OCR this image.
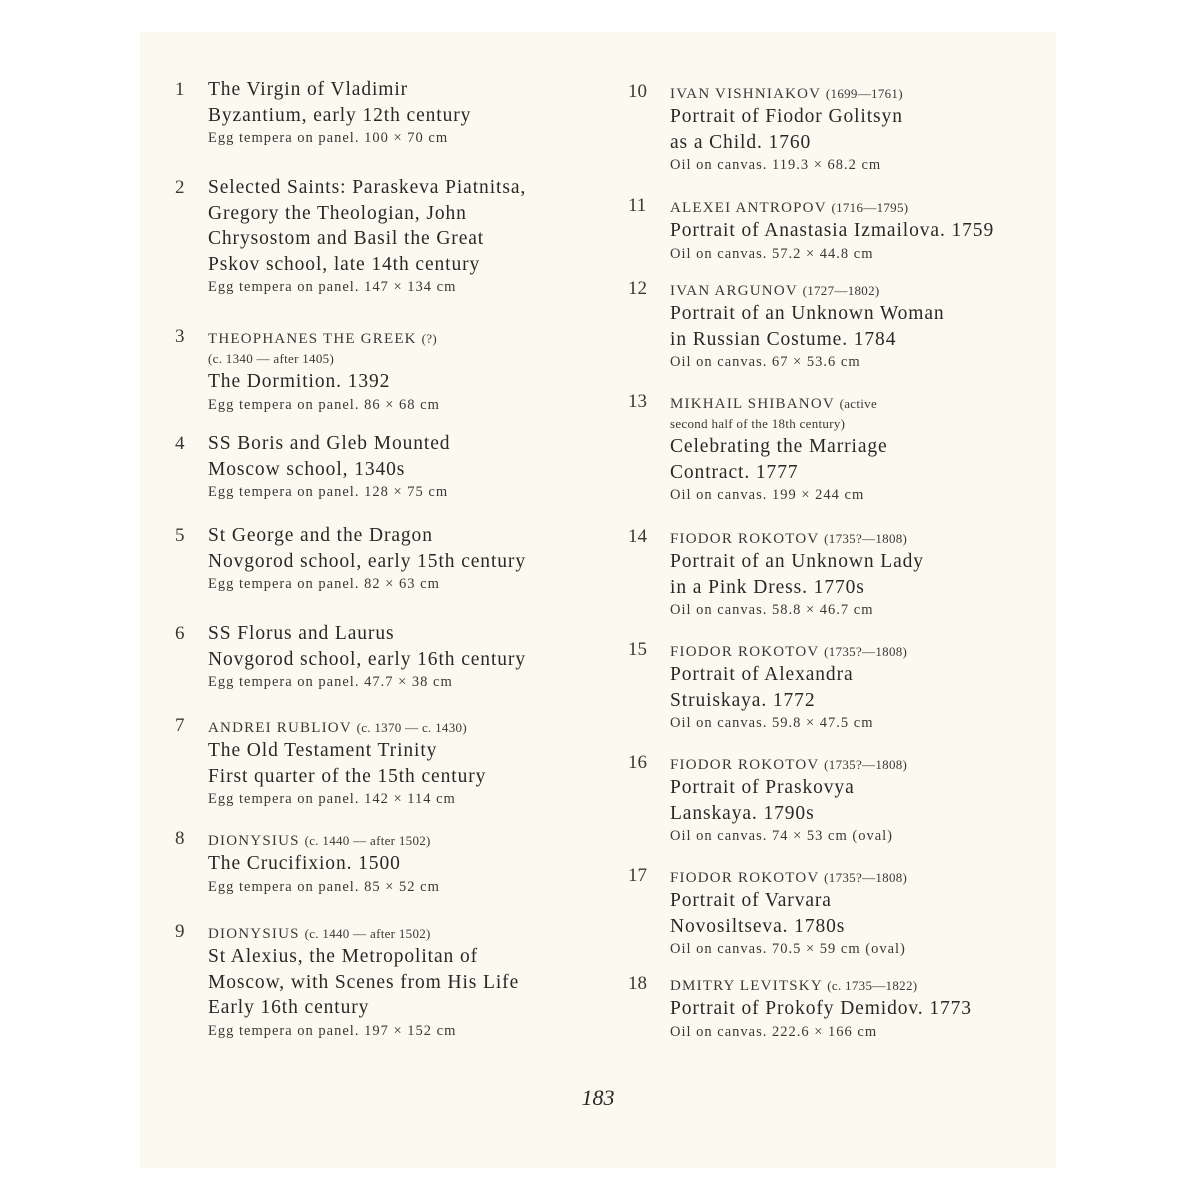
1 The Virgin of Vladimir
Byzantium, early 12th century
Egg tempera on panel. 100 × 70 cm
2 Selected Saints: Paraskeva Piatnitsa,
Gregory the Theologian, John
Chrysostom and Basil the Great
Pskov school, late 14th century
Egg tempera on panel. 147 × 134 cm
3 THEOPHANES THE GREEK (?)
(c. 1340 — after 1405)
The Dormition. 1392
Egg tempera on panel. 86 × 68 cm
4 SS Boris and Gleb Mounted
Moscow school, 1340s
Egg tempera on panel. 128 × 75 cm
5 St George and the Dragon
Novgorod school, early 15th century
Egg tempera on panel. 82 × 63 cm
6 SS Florus and Laurus
Novgorod school, early 16th century
Egg tempera on panel. 47.7 × 38 cm
7 ANDREI RUBLIOV (c. 1370 — c. 1430)
The Old Testament Trinity
First quarter of the 15th century
Egg tempera on panel. 142 × 114 cm
8 DIONYSIUS (c. 1440 — after 1502)
The Crucifixion. 1500
Egg tempera on panel. 85 × 52 cm
9 DIONYSIUS (c. 1440 — after 1502)
St Alexius, the Metropolitan of
Moscow, with Scenes from His Life
Early 16th century
Egg tempera on panel. 197 × 152 cm
10 IVAN VISHNIAKOV (1699—1761)
Portrait of Fiodor Golitsyn
as a Child. 1760
Oil on canvas. 119.3 × 68.2 cm
11 ALEXEI ANTROPOV (1716—1795)
Portrait of Anastasia Izmailova. 1759
Oil on canvas. 57.2 × 44.8 cm
12 IVAN ARGUNOV (1727—1802)
Portrait of an Unknown Woman
in Russian Costume. 1784
Oil on canvas. 67 × 53.6 cm
13 MIKHAIL SHIBANOV (active
second half of the 18th century)
Celebrating the Marriage
Contract. 1777
Oil on canvas. 199 × 244 cm
14 FIODOR ROKOTOV (1735?—1808)
Portrait of an Unknown Lady
in a Pink Dress. 1770s
Oil on canvas. 58.8 × 46.7 cm
15 FIODOR ROKOTOV (1735?—1808)
Portrait of Alexandra
Struiskaya. 1772
Oil on canvas. 59.8 × 47.5 cm
16 FIODOR ROKOTOV (1735?—1808)
Portrait of Praskovya
Lanskaya. 1790s
Oil on canvas. 74 × 53 cm (oval)
17 FIODOR ROKOTOV (1735?—1808)
Portrait of Varvara
Novosiltseva. 1780s
Oil on canvas. 70.5 × 59 cm (oval)
18 DMITRY LEVITSKY (c. 1735—1822)
Portrait of Prokofy Demidov. 1773
Oil on canvas. 222.6 × 166 cm
183
